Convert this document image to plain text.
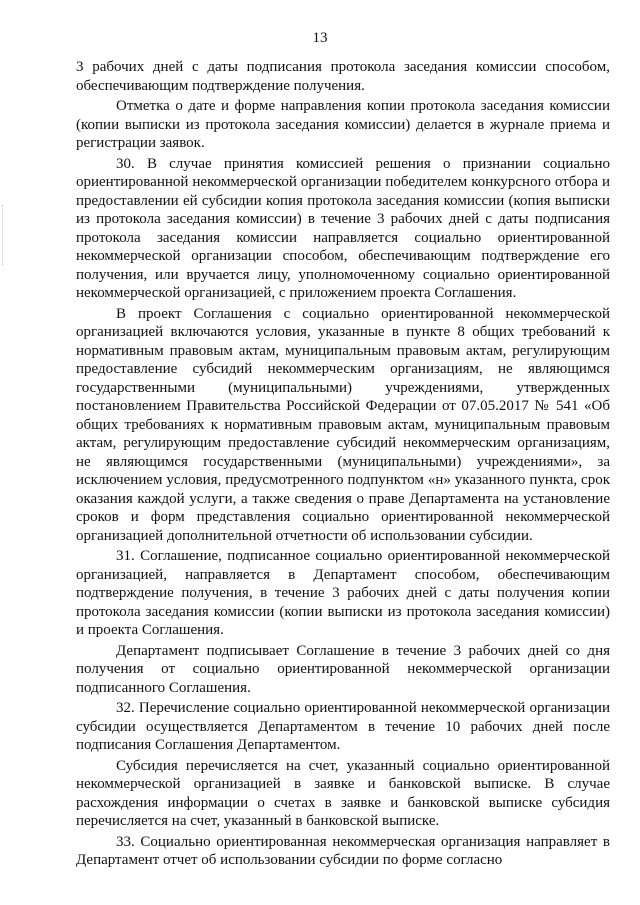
13

3 рабочих дней с даты подписания протокола заседания комиссии способом, обеспечивающим подтверждение получения.

Отметка о дате и форме направления копии протокола заседания комиссии (копии выписки из протокола заседания комиссии) делается в журнале приема и регистрации заявок.

30. В случае принятия комиссией решения о признании социально ориентированной некоммерческой организации победителем конкурсного отбора и предоставлении ей субсидии копия протокола заседания комиссии (копия выписки из протокола заседания комиссии) в течение 3 рабочих дней с даты подписания протокола заседания комиссии направляется социально ориентированной некоммерческой организации способом, обеспечивающим подтверждение его получения, или вручается лицу, уполномоченному социально ориентированной некоммерческой организацией, с приложением проекта Соглашения.

В проект Соглашения с социально ориентированной некоммерческой организацией включаются условия, указанные в пункте 8 общих требований к нормативным правовым актам, муниципальным правовым актам, регулирующим предоставление субсидий некоммерческим организациям, не являющимся государственными (муниципальными) учреждениями, утвержденных постановлением Правительства Российской Федерации от 07.05.2017 № 541 «Об общих требованиях к нормативным правовым актам, муниципальным правовым актам, регулирующим предоставление субсидий некоммерческим организациям, не являющимся государственными (муниципальными) учреждениями», за исключением условия, предусмотренного подпунктом «н» указанного пункта, срок оказания каждой услуги, а также сведения о праве Департамента на установление сроков и форм представления социально ориентированной некоммерческой организацией дополнительной отчетности об использовании субсидии.

31. Соглашение, подписанное социально ориентированной некоммерческой организацией, направляется в Департамент способом, обеспечивающим подтверждение получения, в течение 3 рабочих дней с даты получения копии протокола заседания комиссии (копии выписки из протокола заседания комиссии) и проекта Соглашения.

Департамент подписывает Соглашение в течение 3 рабочих дней со дня получения от социально ориентированной некоммерческой организации подписанного Соглашения.

32. Перечисление социально ориентированной некоммерческой организации субсидии осуществляется Департаментом в течение 10 рабочих дней после подписания Соглашения Департаментом.

Субсидия перечисляется на счет, указанный социально ориентированной некоммерческой организацией в заявке и банковской выписке. В случае расхождения информации о счетах в заявке и банковской выписке субсидия перечисляется на счет, указанный в банковской выписке.

33. Социально ориентированная некоммерческая организация направляет в Департамент отчет об использовании субсидии по форме согласно
